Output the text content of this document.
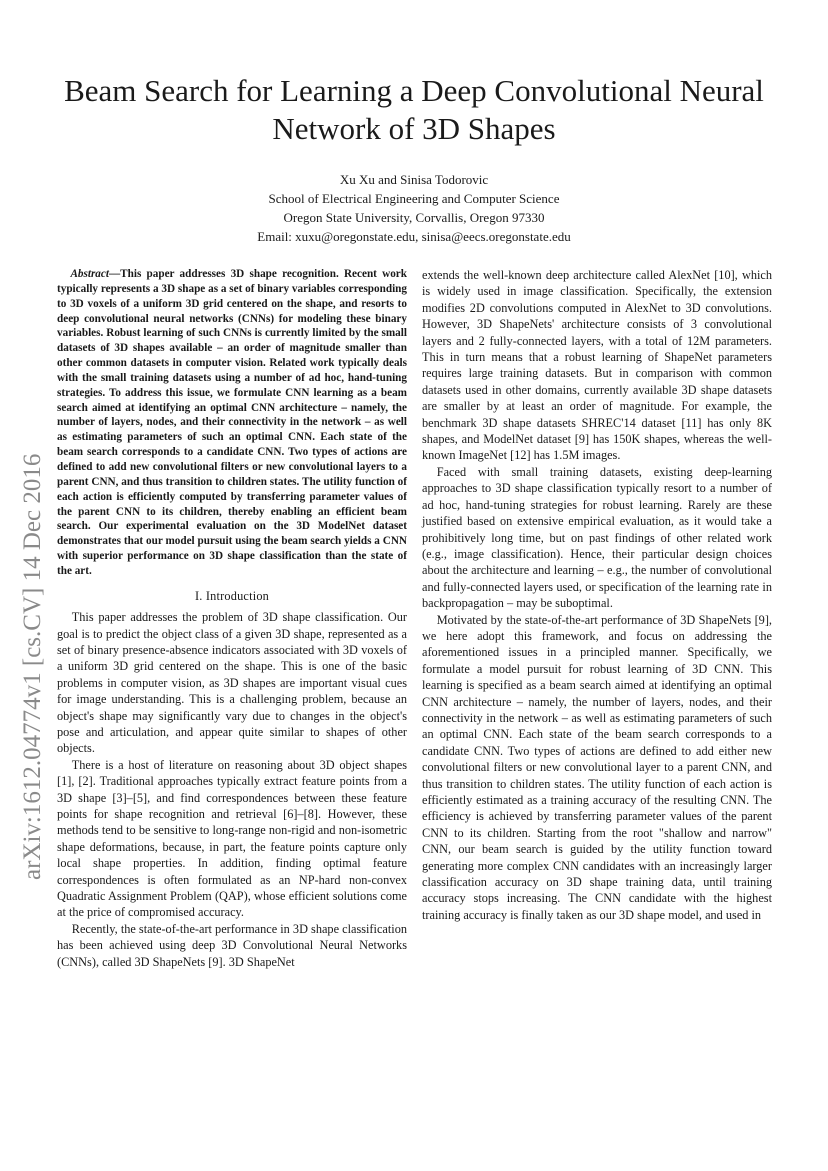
arXiv:1612.04774v1 [cs.CV] 14 Dec 2016
Beam Search for Learning a Deep Convolutional Neural Network of 3D Shapes
Xu Xu and Sinisa Todorovic
School of Electrical Engineering and Computer Science
Oregon State University, Corvallis, Oregon 97330
Email: xuxu@oregonstate.edu, sinisa@eecs.oregonstate.edu

Abstract—This paper addresses 3D shape recognition. Recent work typically represents a 3D shape as a set of binary variables corresponding to 3D voxels of a uniform 3D grid centered on the shape, and resorts to deep convolutional neural networks (CNNs) for modeling these binary variables. Robust learning of such CNNs is currently limited by the small datasets of 3D shapes available – an order of magnitude smaller than other common datasets in computer vision. Related work typically deals with the small training datasets using a number of ad hoc, hand-tuning strategies. To address this issue, we formulate CNN learning as a beam search aimed at identifying an optimal CNN architecture – namely, the number of layers, nodes, and their connectivity in the network – as well as estimating parameters of such an optimal CNN. Each state of the beam search corresponds to a candidate CNN. Two types of actions are defined to add new convolutional filters or new convolutional layers to a parent CNN, and thus transition to children states. The utility function of each action is efficiently computed by transferring parameter values of the parent CNN to its children, thereby enabling an efficient beam search. Our experimental evaluation on the 3D ModelNet dataset demonstrates that our model pursuit using the beam search yields a CNN with superior performance on 3D shape classification than the state of the art.

I. Introduction

This paper addresses the problem of 3D shape classification. Our goal is to predict the object class of a given 3D shape, represented as a set of binary presence-absence indicators associated with 3D voxels of a uniform 3D grid centered on the shape. This is one of the basic problems in computer vision, as 3D shapes are important visual cues for image understanding. This is a challenging problem, because an object's shape may significantly vary due to changes in the object's pose and articulation, and appear quite similar to shapes of other objects.

There is a host of literature on reasoning about 3D object shapes [1], [2]. Traditional approaches typically extract feature points from a 3D shape [3]–[5], and find correspondences between these feature points for shape recognition and retrieval [6]–[8]. However, these methods tend to be sensitive to long-range non-rigid and non-isometric shape deformations, because, in part, the feature points capture only local shape properties. In addition, finding optimal feature correspondences is often formulated as an NP-hard non-convex Quadratic Assignment Problem (QAP), whose efficient solutions come at the price of compromised accuracy.

Recently, the state-of-the-art performance in 3D shape classification has been achieved using deep 3D Convolutional Neural Networks (CNNs), called 3D ShapeNets [9]. 3D ShapeNet

extends the well-known deep architecture called AlexNet [10], which is widely used in image classification. Specifically, the extension modifies 2D convolutions computed in AlexNet to 3D convolutions. However, 3D ShapeNets' architecture consists of 3 convolutional layers and 2 fully-connected layers, with a total of 12M parameters. This in turn means that a robust learning of ShapeNet parameters requires large training datasets. But in comparison with common datasets used in other domains, currently available 3D shape datasets are smaller by at least an order of magnitude. For example, the benchmark 3D shape datasets SHREC'14 dataset [11] has only 8K shapes, and ModelNet dataset [9] has 150K shapes, whereas the well-known ImageNet [12] has 1.5M images.

Faced with small training datasets, existing deep-learning approaches to 3D shape classification typically resort to a number of ad hoc, hand-tuning strategies for robust learning. Rarely are these justified based on extensive empirical evaluation, as it would take a prohibitively long time, but on past findings of other related work (e.g., image classification). Hence, their particular design choices about the architecture and learning – e.g., the number of convolutional and fully-connected layers used, or specification of the learning rate in backpropagation – may be suboptimal.

Motivated by the state-of-the-art performance of 3D ShapeNets [9], we here adopt this framework, and focus on addressing the aforementioned issues in a principled manner. Specifically, we formulate a model pursuit for robust learning of 3D CNN. This learning is specified as a beam search aimed at identifying an optimal CNN architecture – namely, the number of layers, nodes, and their connectivity in the network – as well as estimating parameters of such an optimal CNN. Each state of the beam search corresponds to a candidate CNN. Two types of actions are defined to add either new convolutional filters or new convolutional layer to a parent CNN, and thus transition to children states. The utility function of each action is efficiently estimated as a training accuracy of the resulting CNN. The efficiency is achieved by transferring parameter values of the parent CNN to its children. Starting from the root "shallow and narrow" CNN, our beam search is guided by the utility function toward generating more complex CNN candidates with an increasingly larger classification accuracy on 3D shape training data, until training accuracy stops increasing. The CNN candidate with the highest training accuracy is finally taken as our 3D shape model, and used in
